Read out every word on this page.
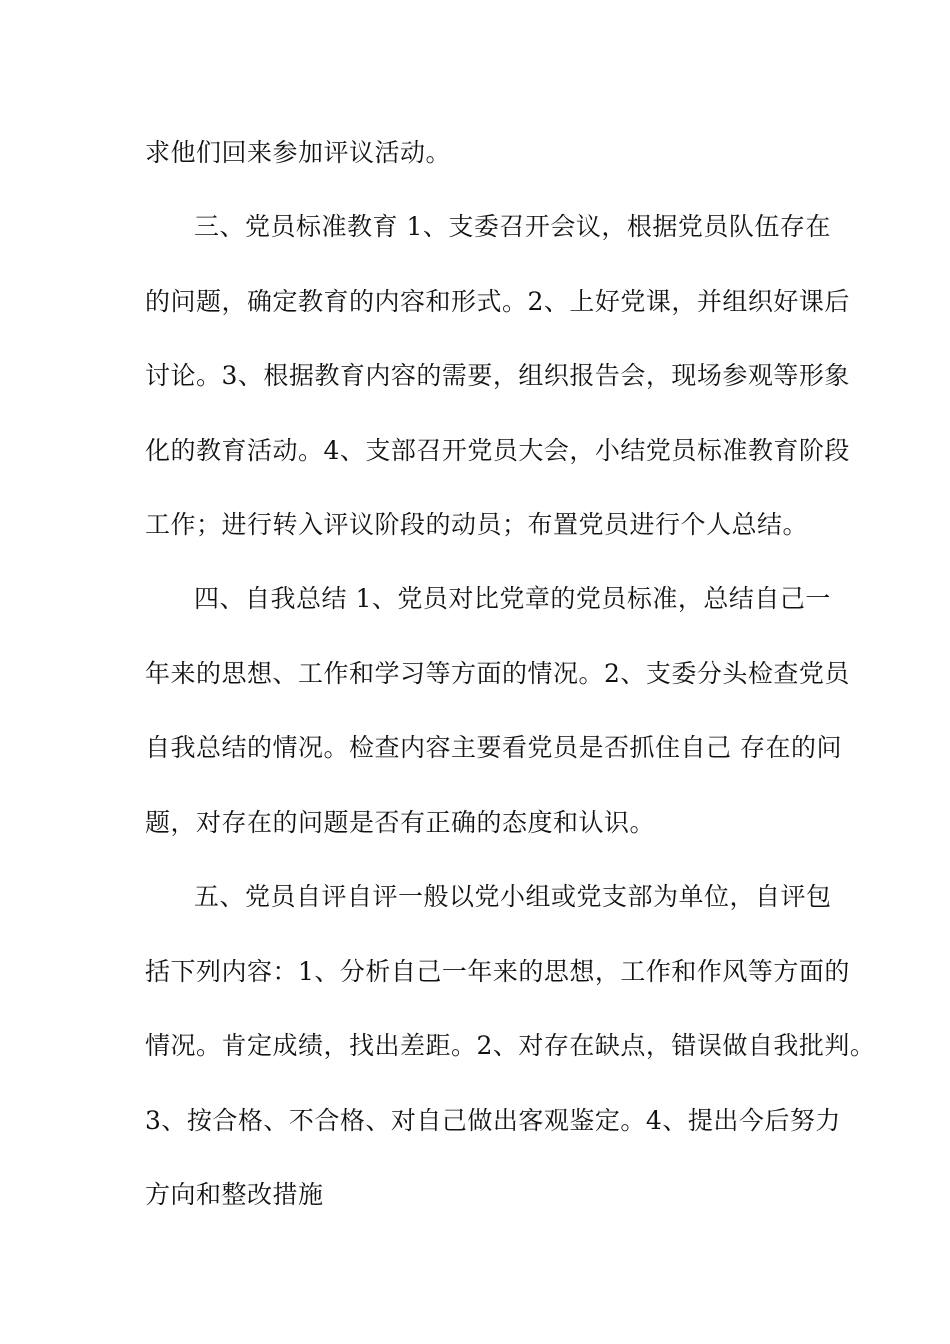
求他们回来参加评议活动。
三、党员标准教育 1、支委召开会议，根据党员队伍存在
的问题，确定教育的内容和形式。2、上好党课，并组织好课后
讨论。3、根据教育内容的需要，组织报告会，现场参观等形象
化的教育活动。4、支部召开党员大会，小结党员标准教育阶段
工作；进行转入评议阶段的动员；布置党员进行个人总结。
四、自我总结 1、党员对比党章的党员标准，总结自己一
年来的思想、工作和学习等方面的情况。2、支委分头检查党员
自我总结的情况。检查内容主要看党员是否抓住自己 存在的问
题，对存在的问题是否有正确的态度和认识。
五、党员自评自评一般以党小组或党支部为单位，自评包
括下列内容：1、分析自己一年来的思想，工作和作风等方面的
情况。肯定成绩，找出差距。2、对存在缺点，错误做自我批判。
3、按合格、不合格、对自己做出客观鉴定。4、提出今后努力
方向和整改措施
